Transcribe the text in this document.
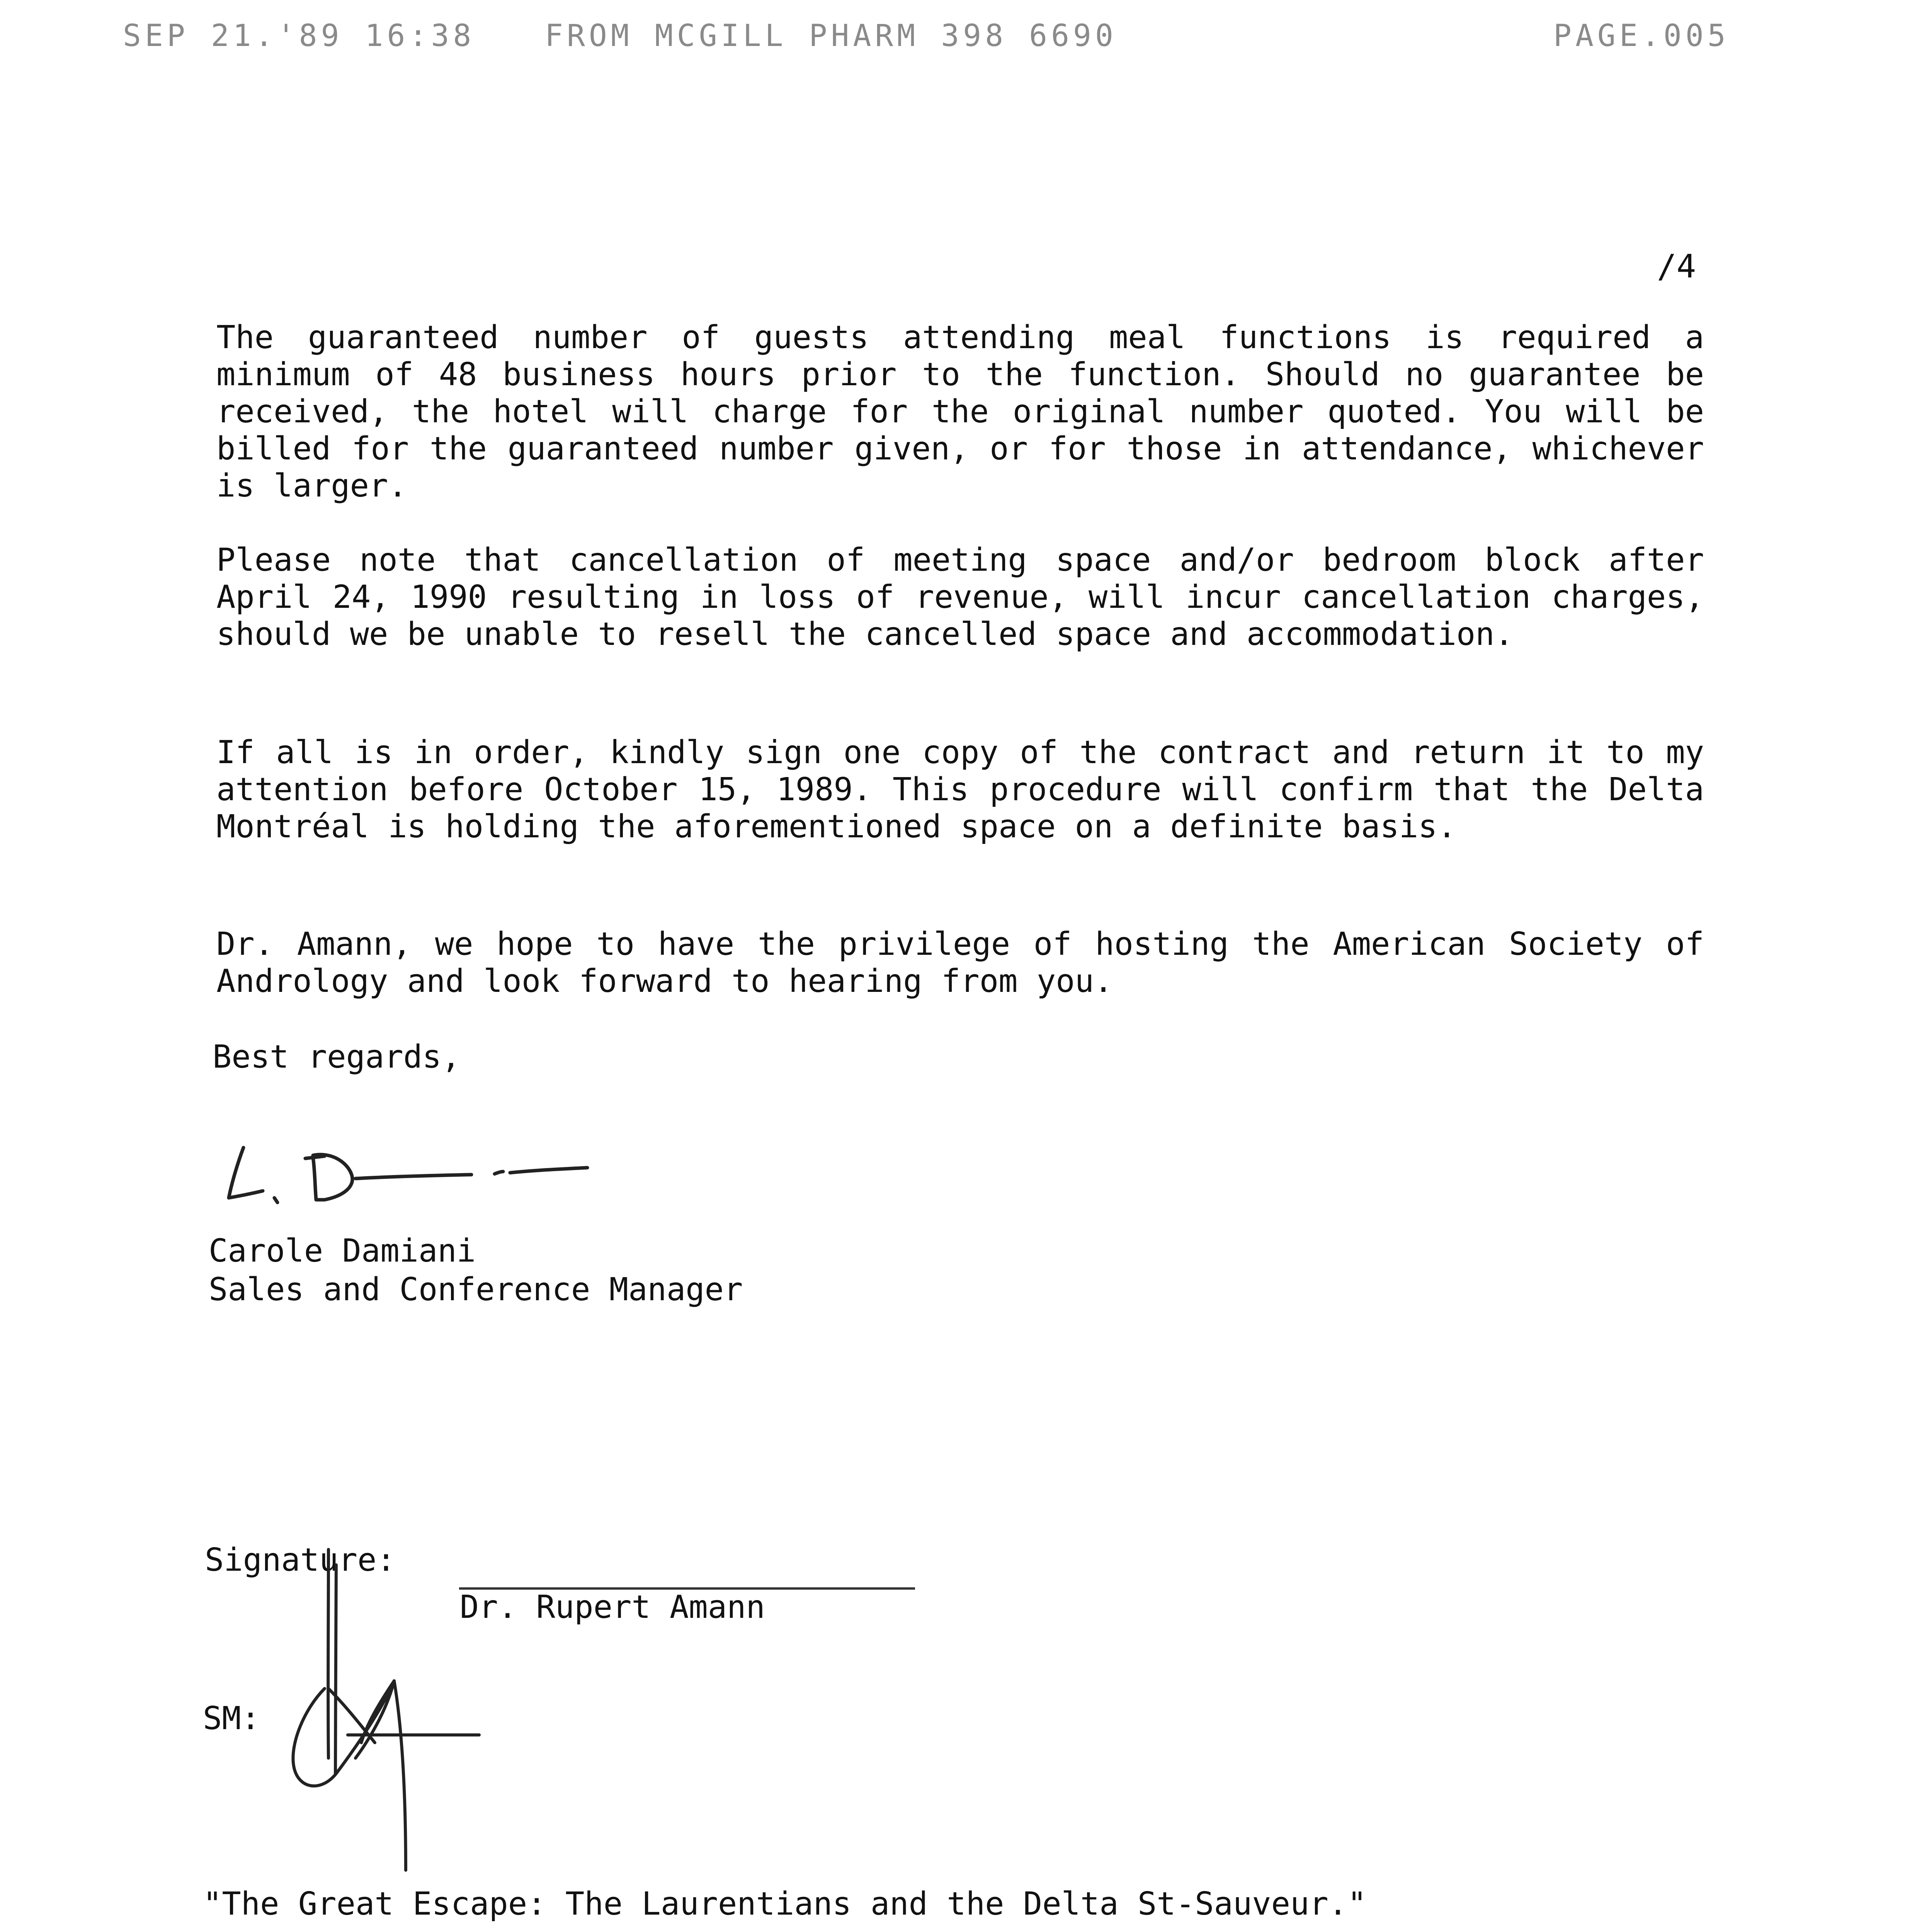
SEP 21.'89 16:38 FROM MCGILL PHARM 398 6690	PAGE.005
/4

The guaranteed number of guests attending meal functions is required a minimum of 48 business hours prior to the function. Should no guarantee be received, the hotel will charge for the original number quoted. You will be billed for the guaranteed number given, or for those in attendance, whichever is larger.

Please note that cancellation of meeting space and/or bedroom block after April 24, 1990 resulting in loss of revenue, will incur cancellation charges, should we be unable to resell the cancelled space and accommodation.

If all is in order, kindly sign one copy of the contract and return it to my attention before October 15, 1989. This procedure will confirm that the Delta Montréal is holding the aforementioned space on a definite basis.

Dr. Amann, we hope to have the privilege of hosting the American Society of Andrology and look forward to hearing from you.

Best regards,
Carole Damiani
Sales and Conference Manager
Signature:
Dr. Rupert Amann
SM:
"The Great Escape: The Laurentians and the Delta St-Sauveur."
